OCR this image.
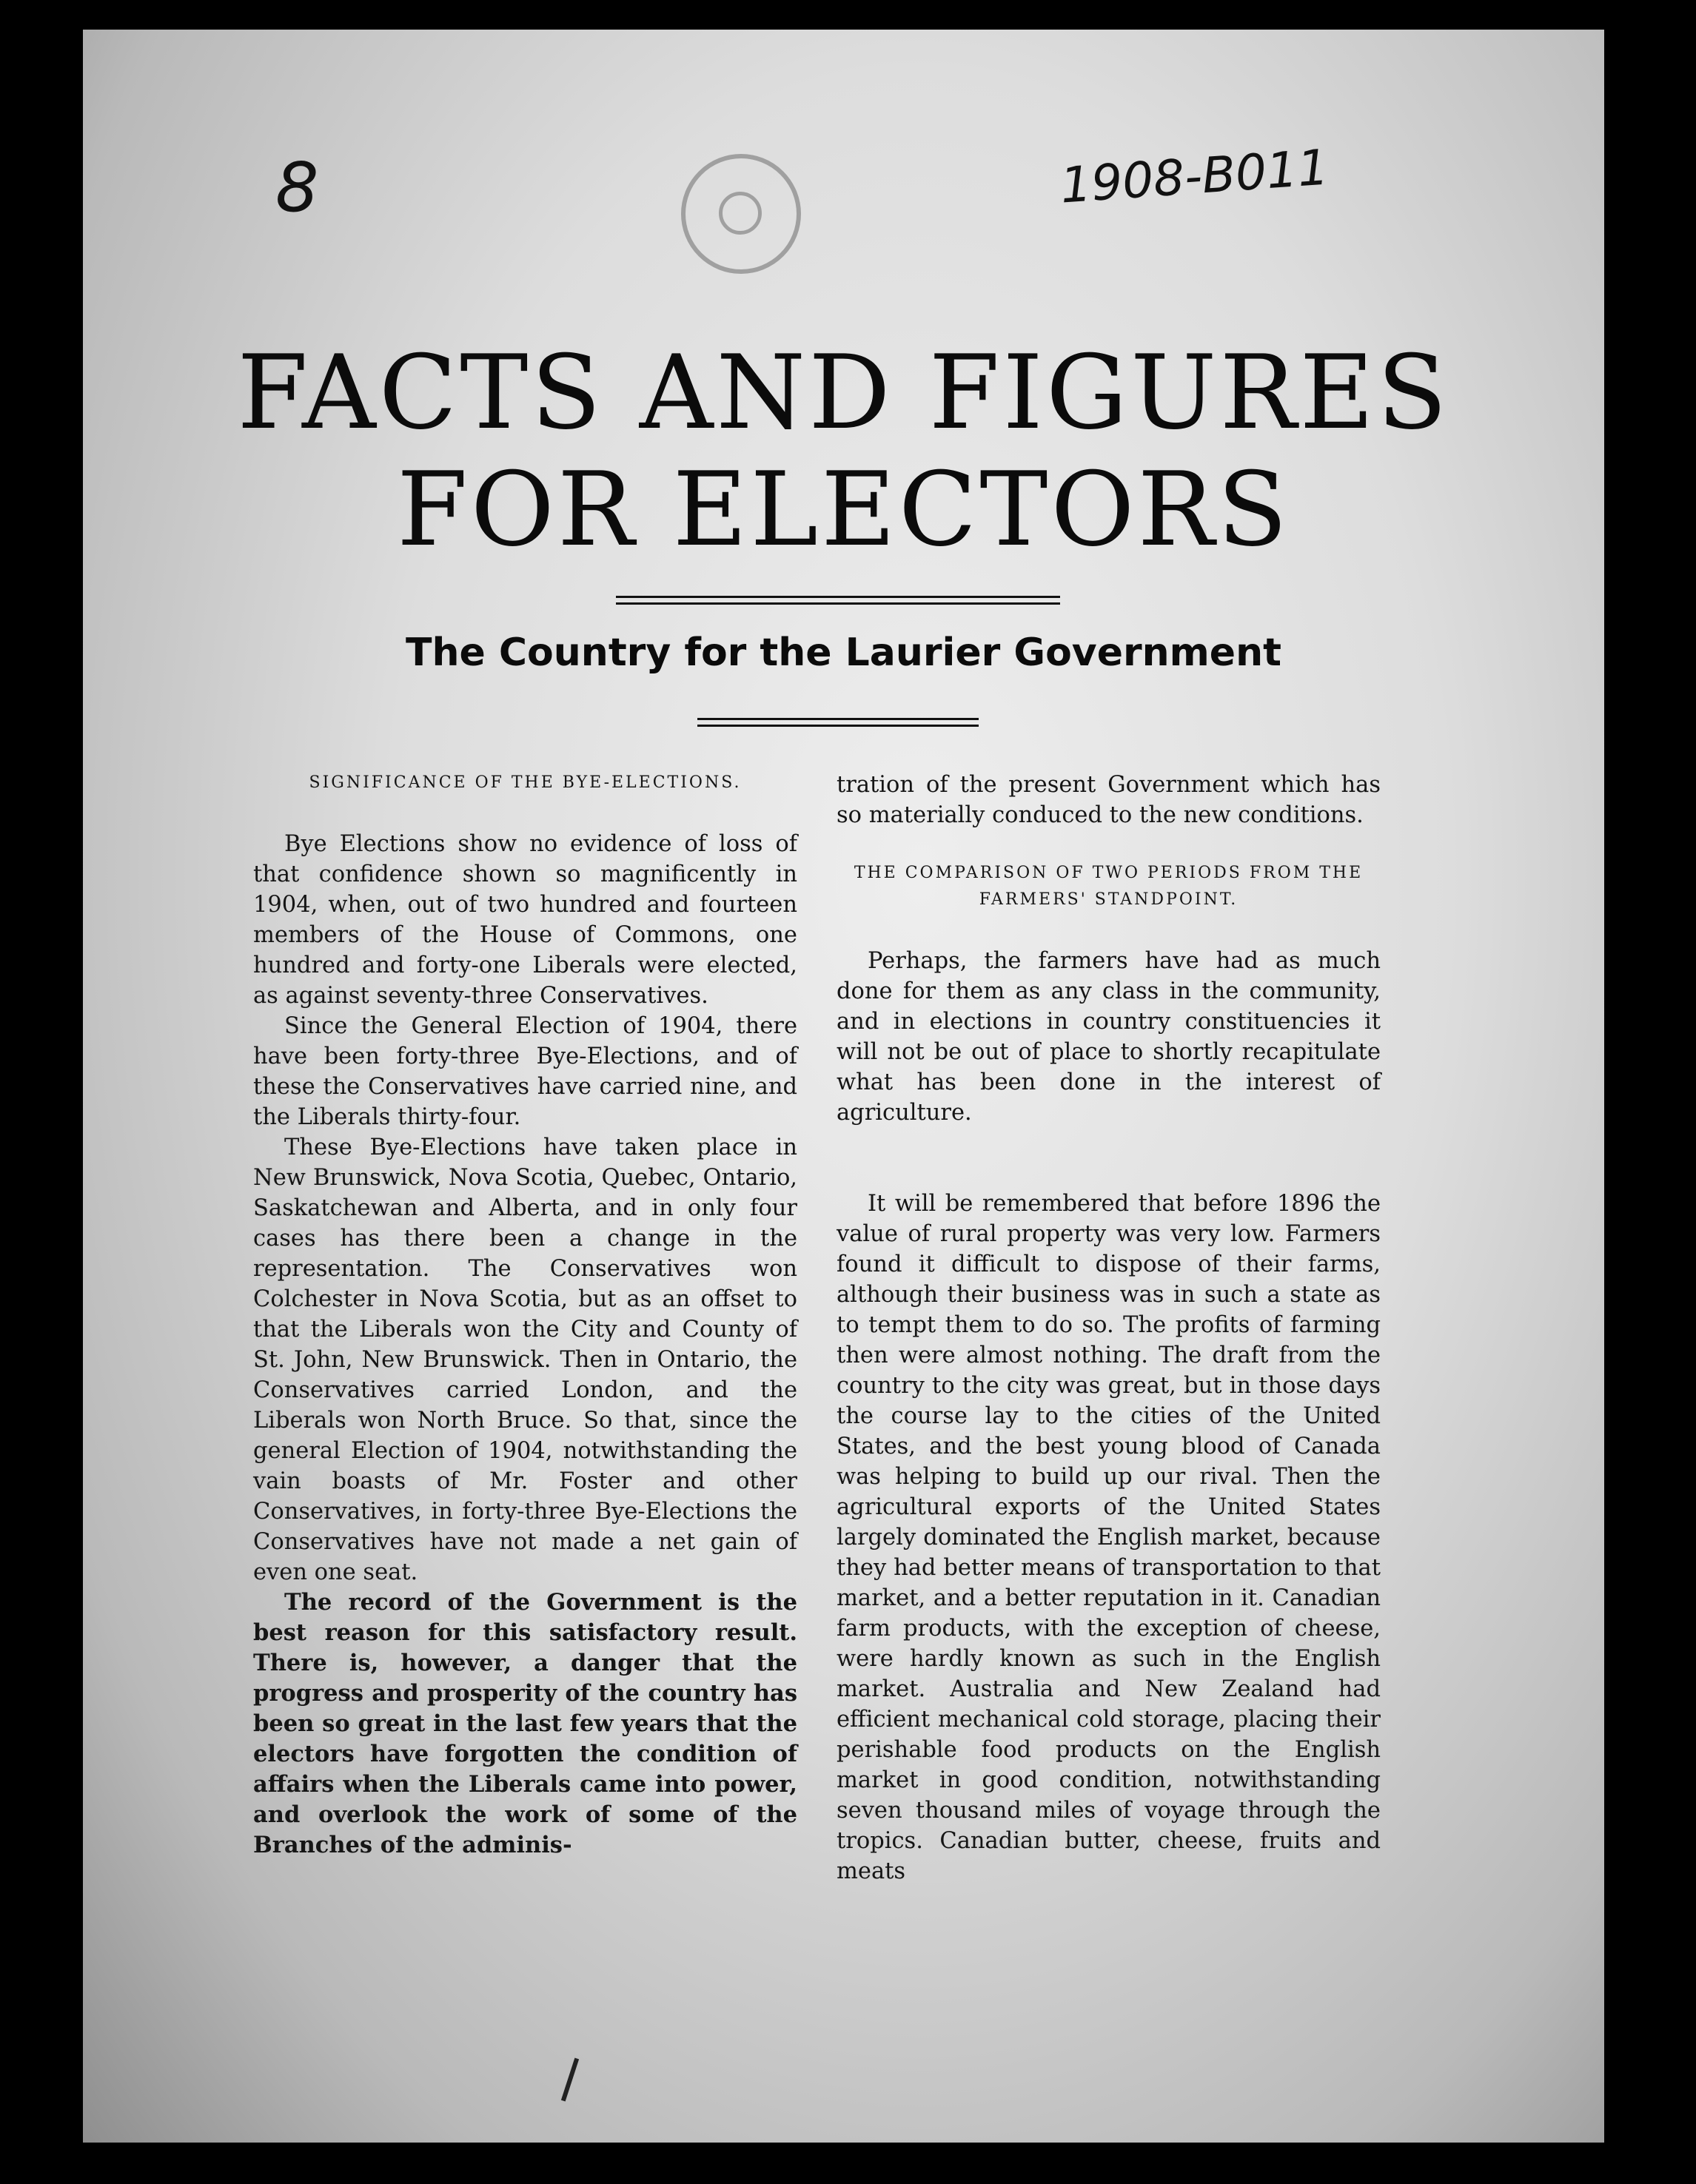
8	1908-B011
FACTS AND FIGURES
FOR ELECTORS
The Country for the Laurier Government

SIGNIFICANCE OF THE BYE-ELECTIONS.

Bye Elections show no evidence of loss of that confidence shown so magnificently in 1904, when, out of two hundred and fourteen members of the House of Commons, one hundred and forty-one Liberals were elected, as against seventy-three Conservatives.

Since the General Election of 1904, there have been forty-three Bye-Elections, and of these the Conservatives have carried nine, and the Liberals thirty-four.

These Bye-Elections have taken place in New Brunswick, Nova Scotia, Quebec, Ontario, Saskatchewan and Alberta, and in only four cases has there been a change in the representation. The Conservatives won Colchester in Nova Scotia, but as an offset to that the Liberals won the City and County of St. John, New Brunswick. Then in Ontario, the Conservatives carried London, and the Liberals won North Bruce. So that, since the general Election of 1904, notwithstanding the vain boasts of Mr. Foster and other Conservatives, in forty-three Bye-Elections the Conservatives have not made a net gain of even one seat.

The record of the Government is the best reason for this satisfactory result. There is, however, a danger that the progress and prosperity of the country has been so great in the last few years that the electors have forgotten the condition of affairs when the Liberals came into power, and overlook the work of some of the Branches of the adminis-

tration of the present Government which has so materially conduced to the new conditions.

THE COMPARISON OF TWO PERIODS FROM THE FARMERS' STANDPOINT.

Perhaps, the farmers have had as much done for them as any class in the community, and in elections in country constituencies it will not be out of place to shortly recapitulate what has been done in the interest of agriculture.

It will be remembered that before 1896 the value of rural property was very low. Farmers found it difficult to dispose of their farms, although their business was in such a state as to tempt them to do so. The profits of farming then were almost nothing. The draft from the country to the city was great, but in those days the course lay to the cities of the United States, and the best young blood of Canada was helping to build up our rival. Then the agricultural exports of the United States largely dominated the English market, because they had better means of transportation to that market, and a better reputation in it. Canadian farm products, with the exception of cheese, were hardly known as such in the English market. Australia and New Zealand had efficient mechanical cold storage, placing their perishable food products on the English market in good condition, notwithstanding seven thousand miles of voyage through the tropics. Canadian butter, cheese, fruits and meats
